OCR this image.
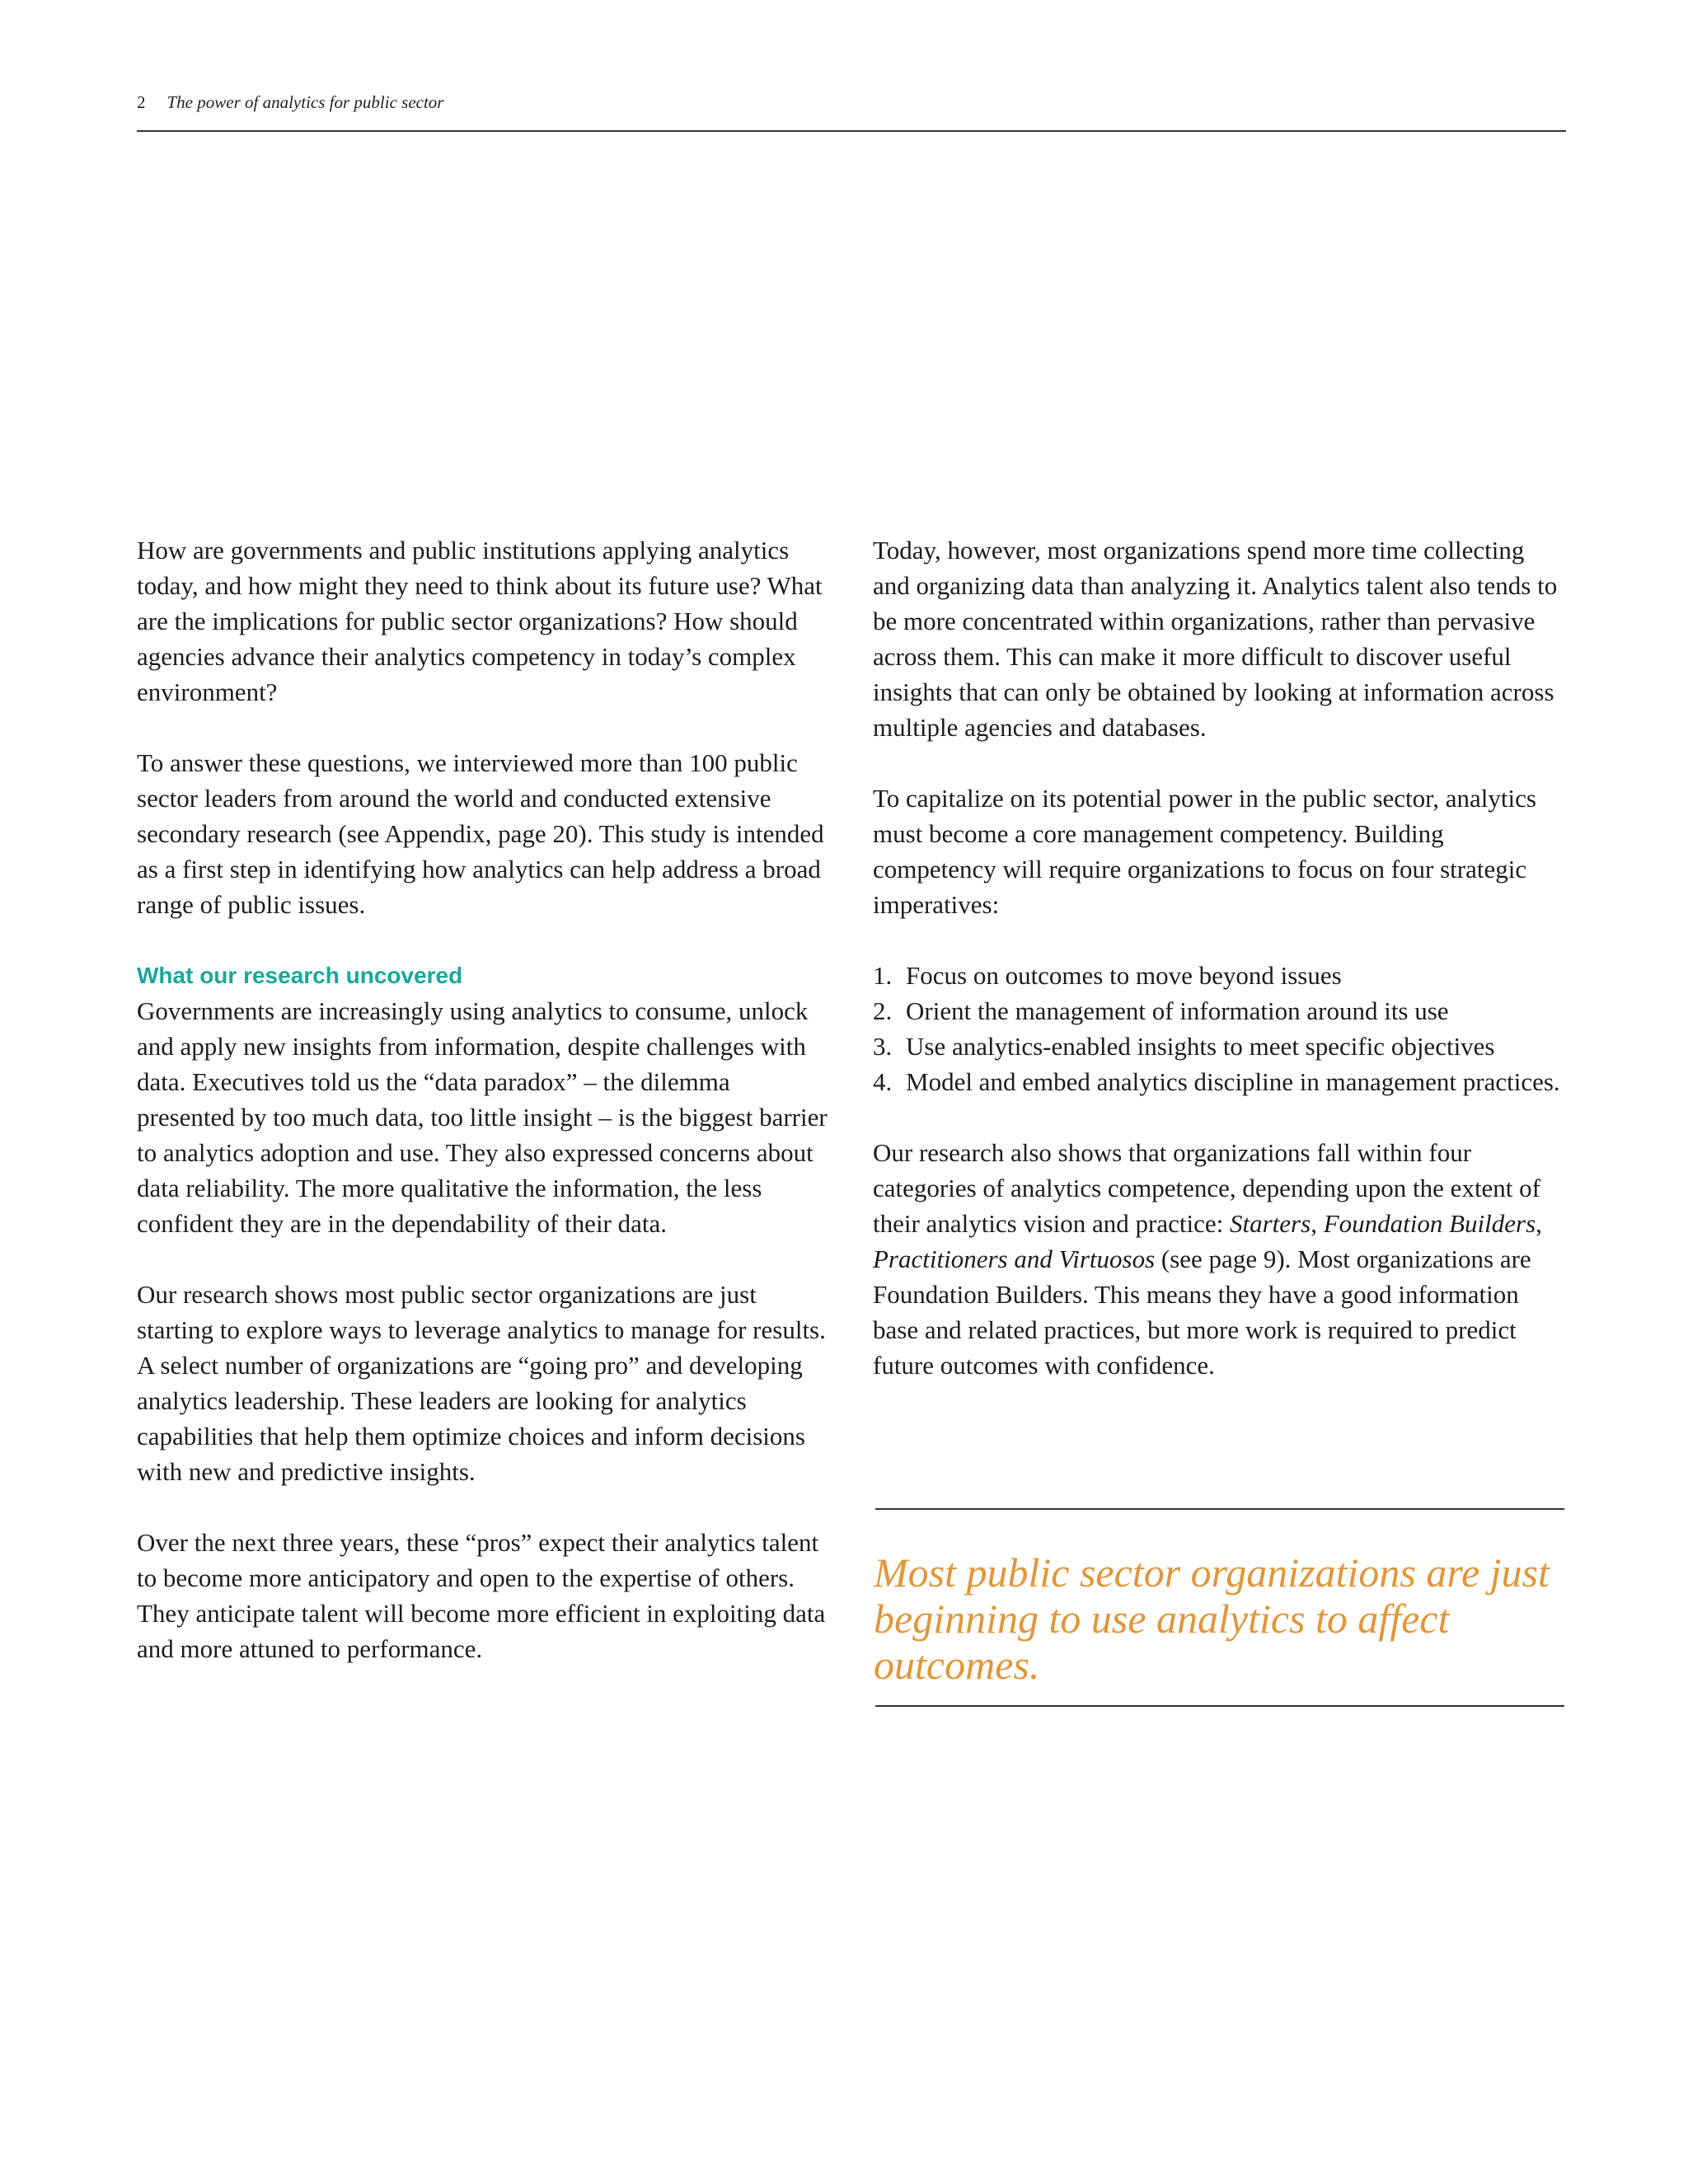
2 The power of analytics for public sector

How are governments and public institutions applying analytics today, and how might they need to think about its future use? What are the implications for public sector organizations? How should agencies advance their analytics competency in today’s complex environment?

To answer these questions, we interviewed more than 100 public sector leaders from around the world and conducted extensive secondary research (see Appendix, page 20). This study is intended as a first step in identifying how analytics can help address a broad range of public issues.

What our research uncovered

Governments are increasingly using analytics to consume, unlock and apply new insights from information, despite challenges with data. Executives told us the “data paradox” – the dilemma presented by too much data, too little insight – is the biggest barrier to analytics adoption and use. They also expressed concerns about data reliability. The more qualitative the information, the less confident they are in the dependability of their data.

Our research shows most public sector organizations are just starting to explore ways to leverage analytics to manage for results. A select number of organizations are “going pro” and developing analytics leadership. These leaders are looking for analytics capabilities that help them optimize choices and inform decisions with new and predictive insights.

Over the next three years, these “pros” expect their analytics talent to become more anticipatory and open to the expertise of others. They anticipate talent will become more efficient in exploiting data and more attuned to performance.

Today, however, most organizations spend more time collecting and organizing data than analyzing it. Analytics talent also tends to be more concentrated within organizations, rather than pervasive across them. This can make it more difficult to discover useful insights that can only be obtained by looking at information across multiple agencies and databases.

To capitalize on its potential power in the public sector, analytics must become a core management competency. Building competency will require organizations to focus on four strategic imperatives:

1. Focus on outcomes to move beyond issues
2. Orient the management of information around its use
3. Use analytics-enabled insights to meet specific objectives
4. Model and embed analytics discipline in management practices.

Our research also shows that organizations fall within four categories of analytics competence, depending upon the extent of their analytics vision and practice: Starters, Foundation Builders, Practitioners and Virtuosos (see page 9). Most organizations are Foundation Builders. This means they have a good information base and related practices, but more work is required to predict future outcomes with confidence.

Most public sector organizations are just beginning to use analytics to affect outcomes.
